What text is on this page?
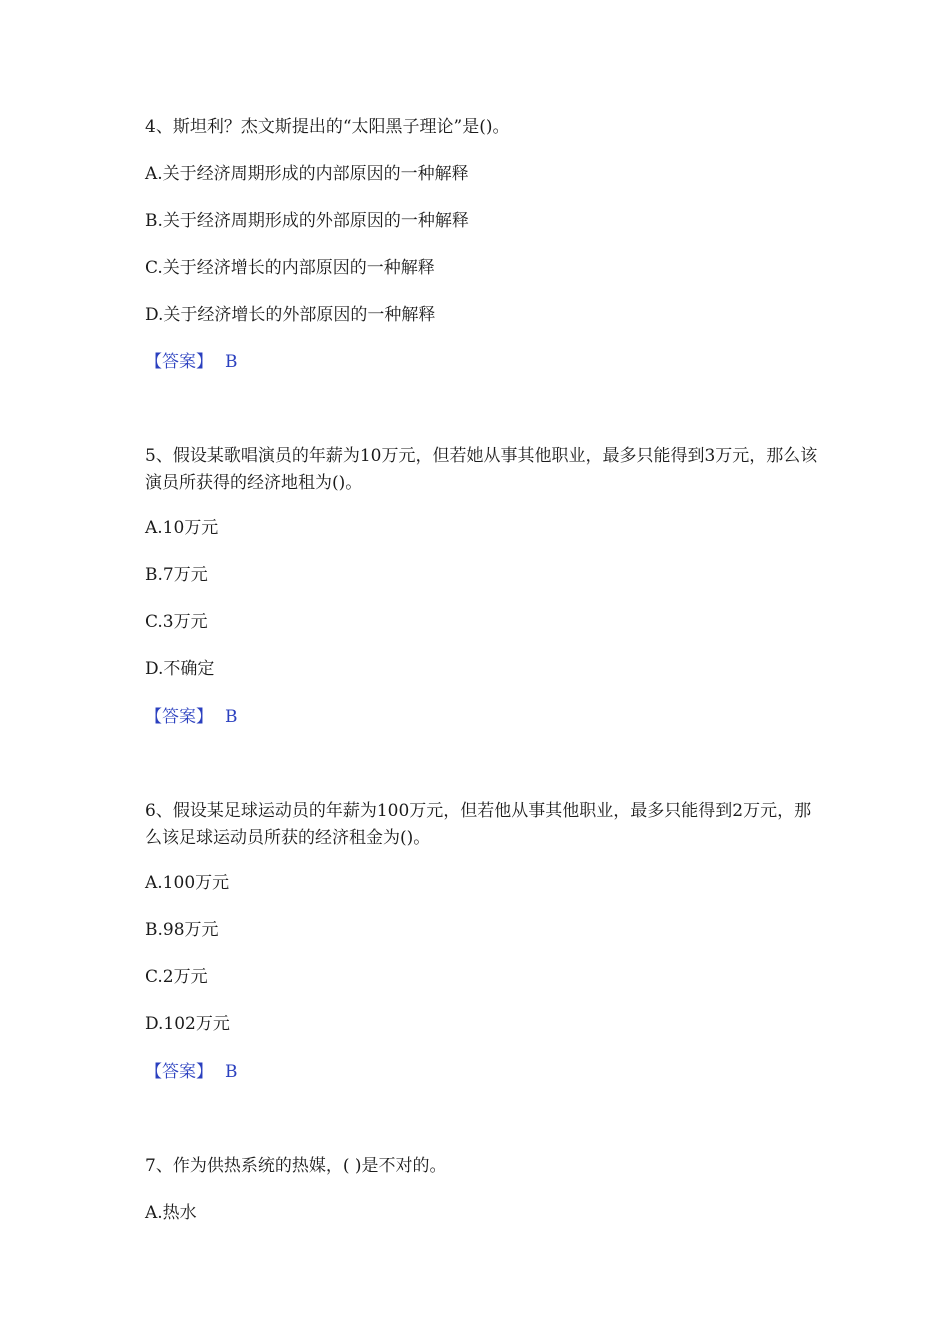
4、斯坦利？杰文斯提出的“太阳黑子理论”是()。

A.关于经济周期形成的内部原因的一种解释

B.关于经济周期形成的外部原因的一种解释

C.关于经济增长的内部原因的一种解释

D.关于经济增长的外部原因的一种解释

【答案】 B

5、假设某歌唱演员的年薪为10万元，但若她从事其他职业，最多只能得到3万元，那么该演员所获得的经济地租为()。

A.10万元

B.7万元

C.3万元

D.不确定

【答案】 B

6、假设某足球运动员的年薪为100万元，但若他从事其他职业，最多只能得到2万元，那么该足球运动员所获的经济租金为()。

A.100万元

B.98万元

C.2万元

D.102万元

【答案】 B

7、作为供热系统的热媒，( )是不对的。

A.热水
